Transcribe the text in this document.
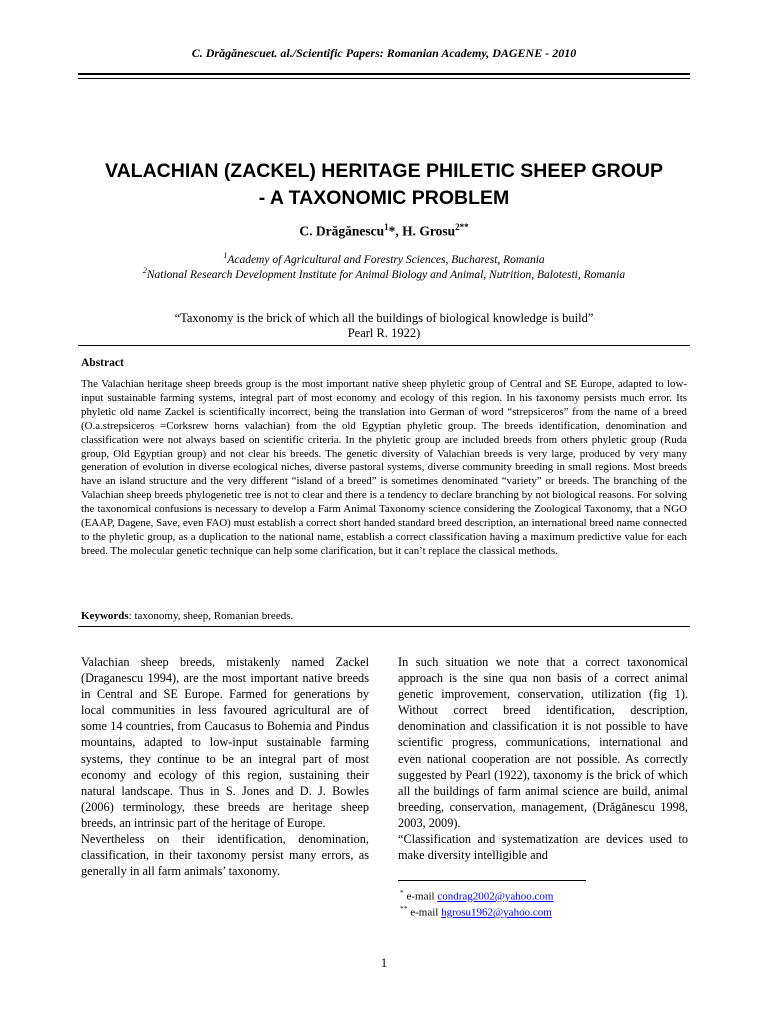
C. Drăgănescuet. al./Scientific Papers: Romanian Academy, DAGENE - 2010
VALACHIAN (ZACKEL) HERITAGE PHILETIC SHEEP GROUP
- A TAXONOMIC PROBLEM
C. Drăgănescu$^1$*, H. Grosu$^{2**}$
$^1$Academy of Agricultural and Forestry Sciences, Bucharest, Romania
$^2$National Research Development Institute for Animal Biology and Animal, Nutrition, Balotesti, Romania
“Taxonomy is the brick of which all the buildings of biological knowledge is build”
Pearl R. 1922)
Abstract

The Valachian heritage sheep breeds group is the most important native sheep phyletic group of Central and SE Europe, adapted to low-input sustainable farming systems, integral part of most economy and ecology of this region. In his taxonomy persists much error. Its phyletic old name Zackel is scientifically incorrect, being the translation into German of word “strepsiceros” from the name of a breed (O.a.strepsiceros =Corksrew horns valachian) from the old Egyptian phyletic group. The breeds identification, denomination and classification were not always based on scientific criteria. In the phyletic group are included breeds from others phyletic group (Ruda group, Old Egyptian group) and not clear his breeds. The genetic diversity of Valachian breeds is very large, produced by very many generation of evolution in diverse ecological niches, diverse pastoral systems, diverse community breeding in small regions. Most breeds have an island structure and the very different “island of a breed” is sometimes denominated “variety” or breeds. The branching of the Valachian sheep breeds phylogenetic tree is not to clear and there is a tendency to declare branching by not biological reasons. For solving the taxonomical confusions is necessary to develop a Farm Animal Taxonomy science considering the Zoological Taxonomy, that a NGO (EAAP, Dagene, Save, even FAO) must establish a correct short handed standard breed description, an international breed name connected to the phyletic group, as a duplication to the national name, establish a correct classification having a maximum predictive value for each breed. The molecular genetic technique can help some clarification, but it can’t replace the classical methods.

Keywords: taxonomy, sheep, Romanian breeds.

Valachian sheep breeds, mistakenly named Zackel (Draganescu 1994), are the most important native breeds in Central and SE Europe. Farmed for generations by local communities in less favoured agricultural are of some 14 countries, from Caucasus to Bohemia and Pindus mountains, adapted to low-input sustainable farming systems, they continue to be an integral part of most economy and ecology of this region, sustaining their natural landscape. Thus in S. Jones and D. J. Bowles (2006) terminology, these breeds are heritage sheep breeds, an intrinsic part of the heritage of Europe.

Nevertheless on their identification, denomination, classification, in their taxonomy persist many errors, as generally in all farm animals’ taxonomy.

In such situation we note that a correct taxonomical approach is the sine qua non basis of a correct animal genetic improvement, conservation, utilization (fig 1). Without correct breed identification, description, denomination and classification it is not possible to have scientific progress, communications, international and even national cooperation are not possible. As correctly suggested by Pearl (1922), taxonomy is the brick of which all the buildings of farm animal science are build, animal breeding, conservation, management, (Drăgănescu 1998, 2003, 2009).

“Classification and systematization are devices used to make diversity intelligible and

* e-mail condrag2002@yahoo.com
** e-mail hgrosu1962@yahoo.com
1
